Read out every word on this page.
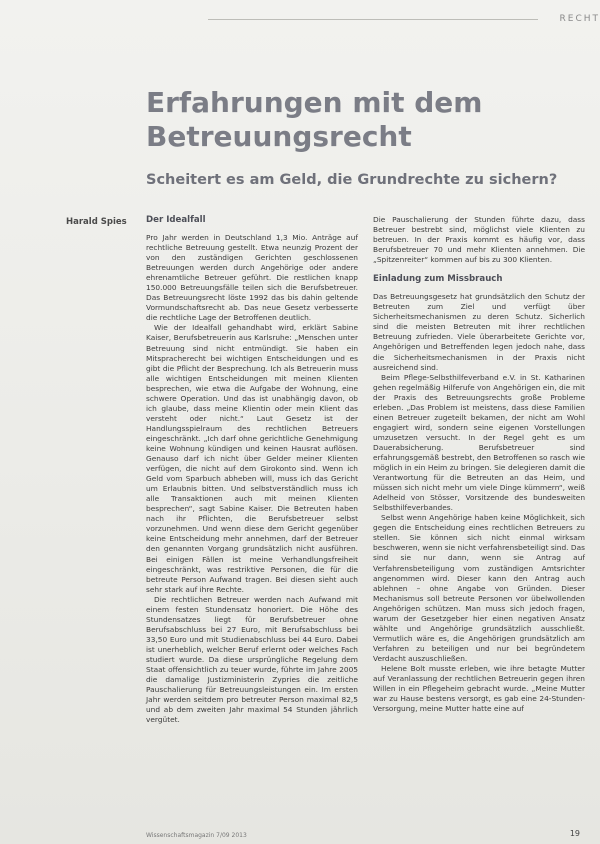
RECHT
Erfahrungen mit dem Betreuungsrecht
Scheitert es am Geld, die Grundrechte zu sichern?
Harald Spies Der Idealfall

Pro Jahr werden in Deutschland 1,3 Mio. Anträge auf rechtliche Betreuung gestellt. Etwa neunzig Prozent der von den zuständigen Gerichten geschlossenen Betreuungen werden durch Angehörige oder andere ehrenamtliche Betreuer geführt. Die restlichen knapp 150.000 Betreuungsfälle teilen sich die Berufsbetreuer. Das Betreuungsrecht löste 1992 das bis dahin geltende Vormundschaftsrecht ab. Das neue Gesetz verbesserte die rechtliche Lage der Betroffenen deutlich.

Wie der Idealfall gehandhabt wird, erklärt Sabine Kaiser, Berufsbetreuerin aus Karlsruhe: „Menschen unter Betreuung sind nicht entmündigt. Sie haben ein Mitspracherecht bei wichtigen Entscheidungen und es gibt die Pflicht der Besprechung. Ich als Betreuerin muss alle wichtigen Entscheidungen mit meinen Klienten besprechen, wie etwa die Aufgabe der Wohnung, eine schwere Operation. Und das ist unabhängig davon, ob ich glaube, dass meine Klientin oder mein Klient das versteht oder nicht.“ Laut Gesetz ist der Handlungsspielraum des rechtlichen Betreuers eingeschränkt. „Ich darf ohne gerichtliche Genehmigung keine Wohnung kündigen und keinen Hausrat auflösen. Genauso darf ich nicht über Gelder meiner Klienten verfügen, die nicht auf dem Girokonto sind. Wenn ich Geld vom Sparbuch abheben will, muss ich das Gericht um Erlaubnis bitten. Und selbstverständlich muss ich alle Transaktionen auch mit meinen Klienten besprechen“, sagt Sabine Kaiser. Die Betreuten haben nach ihr Pflichten, die Berufsbetreuer selbst vorzunehmen. Und wenn diese dem Gericht gegenüber keine Entscheidung mehr annehmen, darf der Betreuer den genannten Vorgang grundsätzlich nicht ausführen. Bei einigen Fällen ist meine Verhandlungsfreiheit eingeschränkt, was restriktive Personen, die für die betreute Person Aufwand tragen. Bei diesen sieht auch sehr stark auf ihre Rechte.

Die rechtlichen Betreuer werden nach Aufwand mit einem festen Stundensatz honoriert. Die Höhe des Stundensatzes liegt für Berufsbetreuer ohne Berufsabschluss bei 27 Euro, mit Berufsabschluss bei 33,50 Euro und mit Studienabschluss bei 44 Euro. Dabei ist unerheblich, welcher Beruf erlernt oder welches Fach studiert wurde. Da diese ursprüngliche Regelung dem Staat offensichtlich zu teuer wurde, führte im Jahre 2005 die damalige Justizministerin Zypries die zeitliche Pauschalierung für Betreuungsleistungen ein. Im ersten Jahr werden seitdem pro betreuter Person maximal 82,5 und ab dem zweiten Jahr maximal 54 Stunden jährlich vergütet.

Die Pauschalierung der Stunden führte dazu, dass Betreuer bestrebt sind, möglichst viele Klienten zu betreuen. In der Praxis kommt es häufig vor, dass Berufsbetreuer 70 und mehr Klienten annehmen. Die „Spitzenreiter“ kommen auf bis zu 300 Klienten.

Einladung zum Missbrauch

Das Betreuungsgesetz hat grundsätzlich den Schutz der Betreuten zum Ziel und verfügt über Sicherheitsmechanismen zu deren Schutz. Sicherlich sind die meisten Betreuten mit ihrer rechtlichen Betreuung zufrieden. Viele überarbeitete Gerichte vor, Angehörigen und Betreffenden legen jedoch nahe, dass die Sicherheitsmechanismen in der Praxis nicht ausreichend sind.

Beim Pflege-Selbsthilfeverband e.V. in St. Katharinen gehen regelmäßig Hilferufe von Angehörigen ein, die mit der Praxis des Betreuungsrechts große Probleme erleben. „Das Problem ist meistens, dass diese Familien einen Betreuer zugeteilt bekamen, der nicht am Wohl engagiert wird, sondern seine eigenen Vorstellungen umzusetzen versucht. In der Regel geht es um Dauerabsicherung. Berufsbetreuer sind erfahrungsgemäß bestrebt, den Betroffenen so rasch wie möglich in ein Heim zu bringen. Sie delegieren damit die Verantwortung für die Betreuten an das Heim, und müssen sich nicht mehr um viele Dinge kümmern“, weiß Adelheid von Stösser, Vorsitzende des bundesweiten Selbsthilfeverbandes.

Selbst wenn Angehörige haben keine Möglichkeit, sich gegen die Entscheidung eines rechtlichen Betreuers zu stellen. Sie können sich nicht einmal wirksam beschweren, wenn sie nicht verfahrensbeteiligt sind. Das sind sie nur dann, wenn sie Antrag auf Verfahrensbeteiligung vom zuständigen Amtsrichter angenommen wird. Dieser kann den Antrag auch ablehnen – ohne Angabe von Gründen. Dieser Mechanismus soll betreute Personen vor übelwollenden Angehörigen schützen. Man muss sich jedoch fragen, warum der Gesetzgeber hier einen negativen Ansatz wählte und Angehörige grundsätzlich ausschließt. Vermutlich wäre es, die Angehörigen grundsätzlich am Verfahren zu beteiligen und nur bei begründetem Verdacht auszuschließen.

Helene Bolt musste erleben, wie ihre betagte Mutter auf Veranlassung der rechtlichen Betreuerin gegen ihren Willen in ein Pflegeheim gebracht wurde. „Meine Mutter war zu Hause bestens versorgt, es gab eine 24-Stunden-Versorgung, meine Mutter hatte eine auf

Wissenschaftsmagazin 7/09 2013	19
